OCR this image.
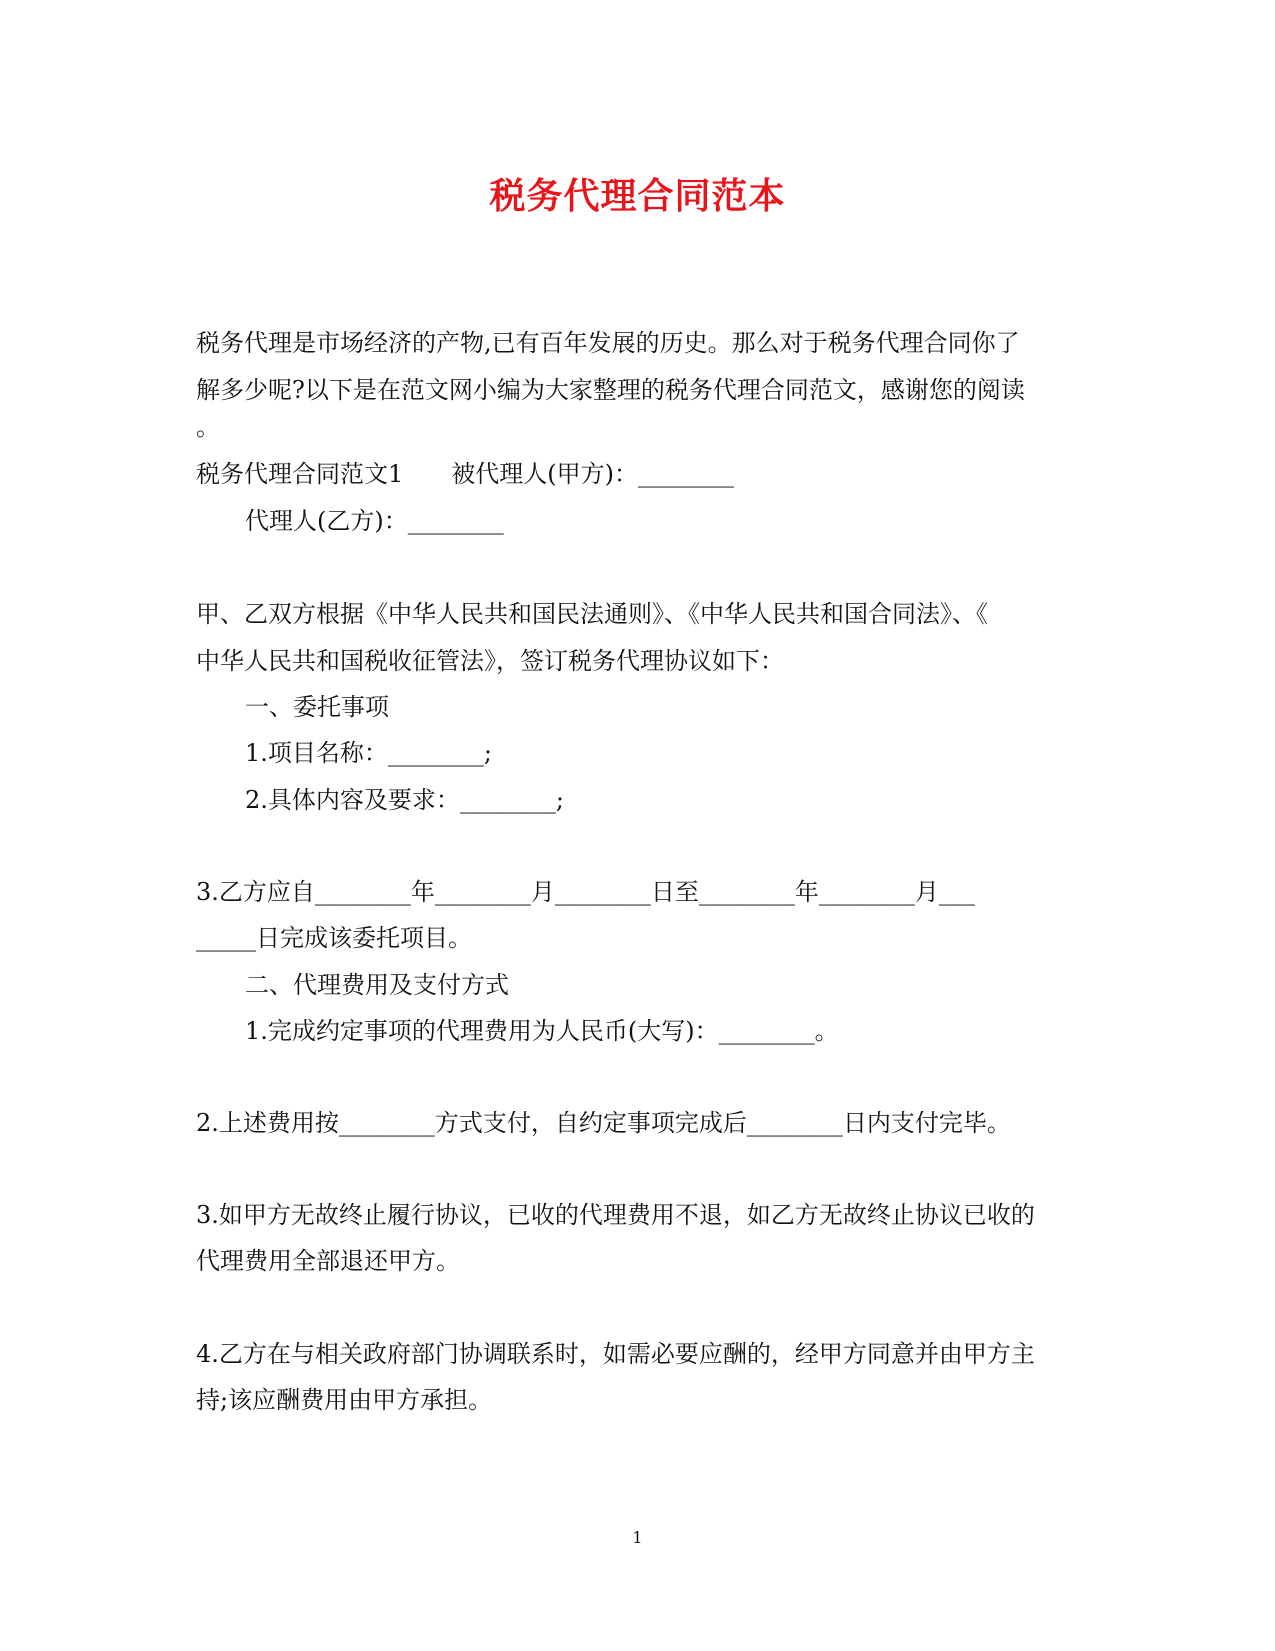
税务代理合同范本
税务代理是市场经济的产物,已有百年发展的历史。那么对于税务代理合同你了
解多少呢?以下是在范文网小编为大家整理的税务代理合同范文，感谢您的阅读
。
税务代理合同范文1　　被代理人(甲方)：________
代理人(乙方)：________
甲、乙双方根据《中华人民共和国民法通则》、《中华人民共和国合同法》、《
中华人民共和国税收征管法》，签订税务代理协议如下：
一、委托事项
1.项目名称：________;
2.具体内容及要求：________;
3.乙方应自________年________月________日至________年________月___
_____日完成该委托项目。
二、代理费用及支付方式
1.完成约定事项的代理费用为人民币(大写)：________。
2.上述费用按________方式支付，自约定事项完成后________日内支付完毕。
3.如甲方无故终止履行协议，已收的代理费用不退，如乙方无故终止协议已收的
代理费用全部退还甲方。
4.乙方在与相关政府部门协调联系时，如需必要应酬的，经甲方同意并由甲方主
持;该应酬费用由甲方承担。
1
